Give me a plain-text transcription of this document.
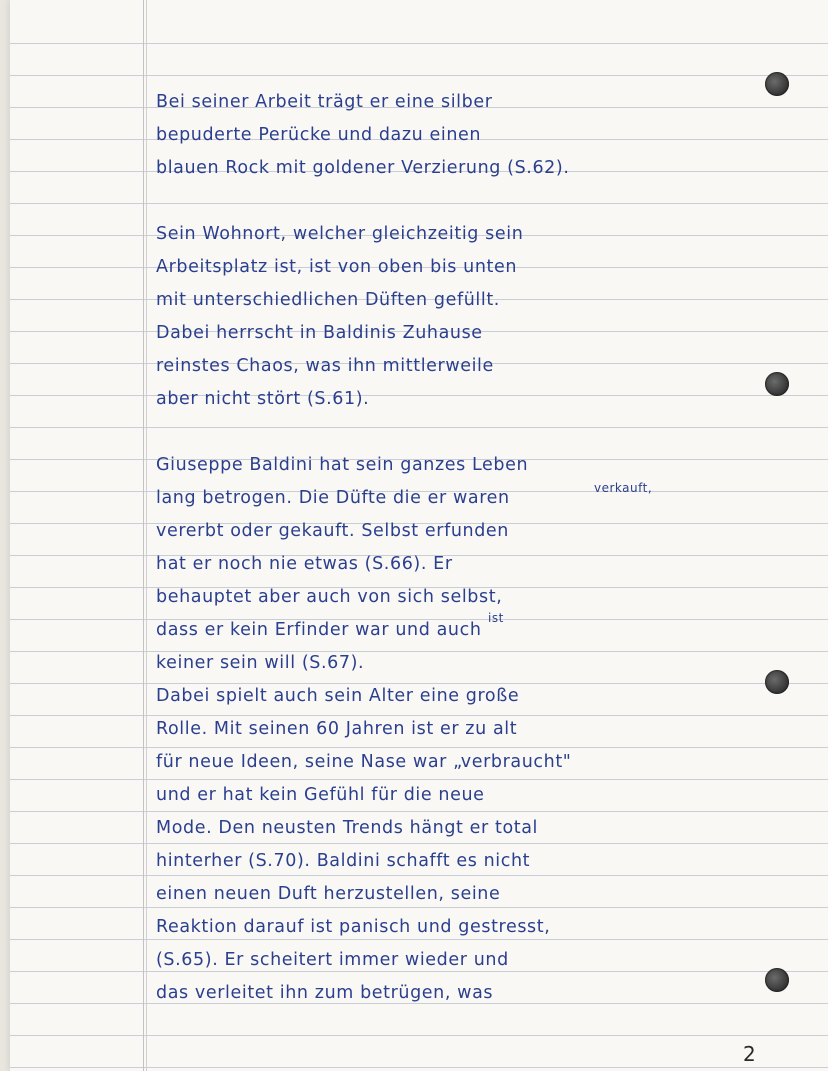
Bei seiner Arbeit trägt er eine silber
bepuderte Perücke und dazu einen
blauen Rock mit goldener Verzierung (S.62).
Sein Wohnort, welcher gleichzeitig sein
Arbeitsplatz ist, ist von oben bis unten
mit unterschiedlichen Düften gefüllt.
Dabei herrscht in Baldinis Zuhause
reinstes Chaos, was ihn mittlerweile
aber nicht stört (S.61).
Giuseppe Baldini hat sein ganzes Leben
lang betrogen. Die Düfte die er waren
vererbt oder gekauft. Selbst erfunden
hat er noch nie etwas (S.66). Er
behauptet aber auch von sich selbst,
dass er kein Erfinder war und auch
keiner sein will (S.67).
Dabei spielt auch sein Alter eine große
Rolle. Mit seinen 60 Jahren ist er zu alt
für neue Ideen, seine Nase war „verbraucht"
und er hat kein Gefühl für die neue
Mode. Den neusten Trends hängt er total
hinterher (S.70). Baldini schafft es nicht
einen neuen Duft herzustellen, seine
Reaktion darauf ist panisch und gestresst,
(S.65). Er scheitert immer wieder und
das verleitet ihn zum betrügen, was
verkauft,
ist
2
